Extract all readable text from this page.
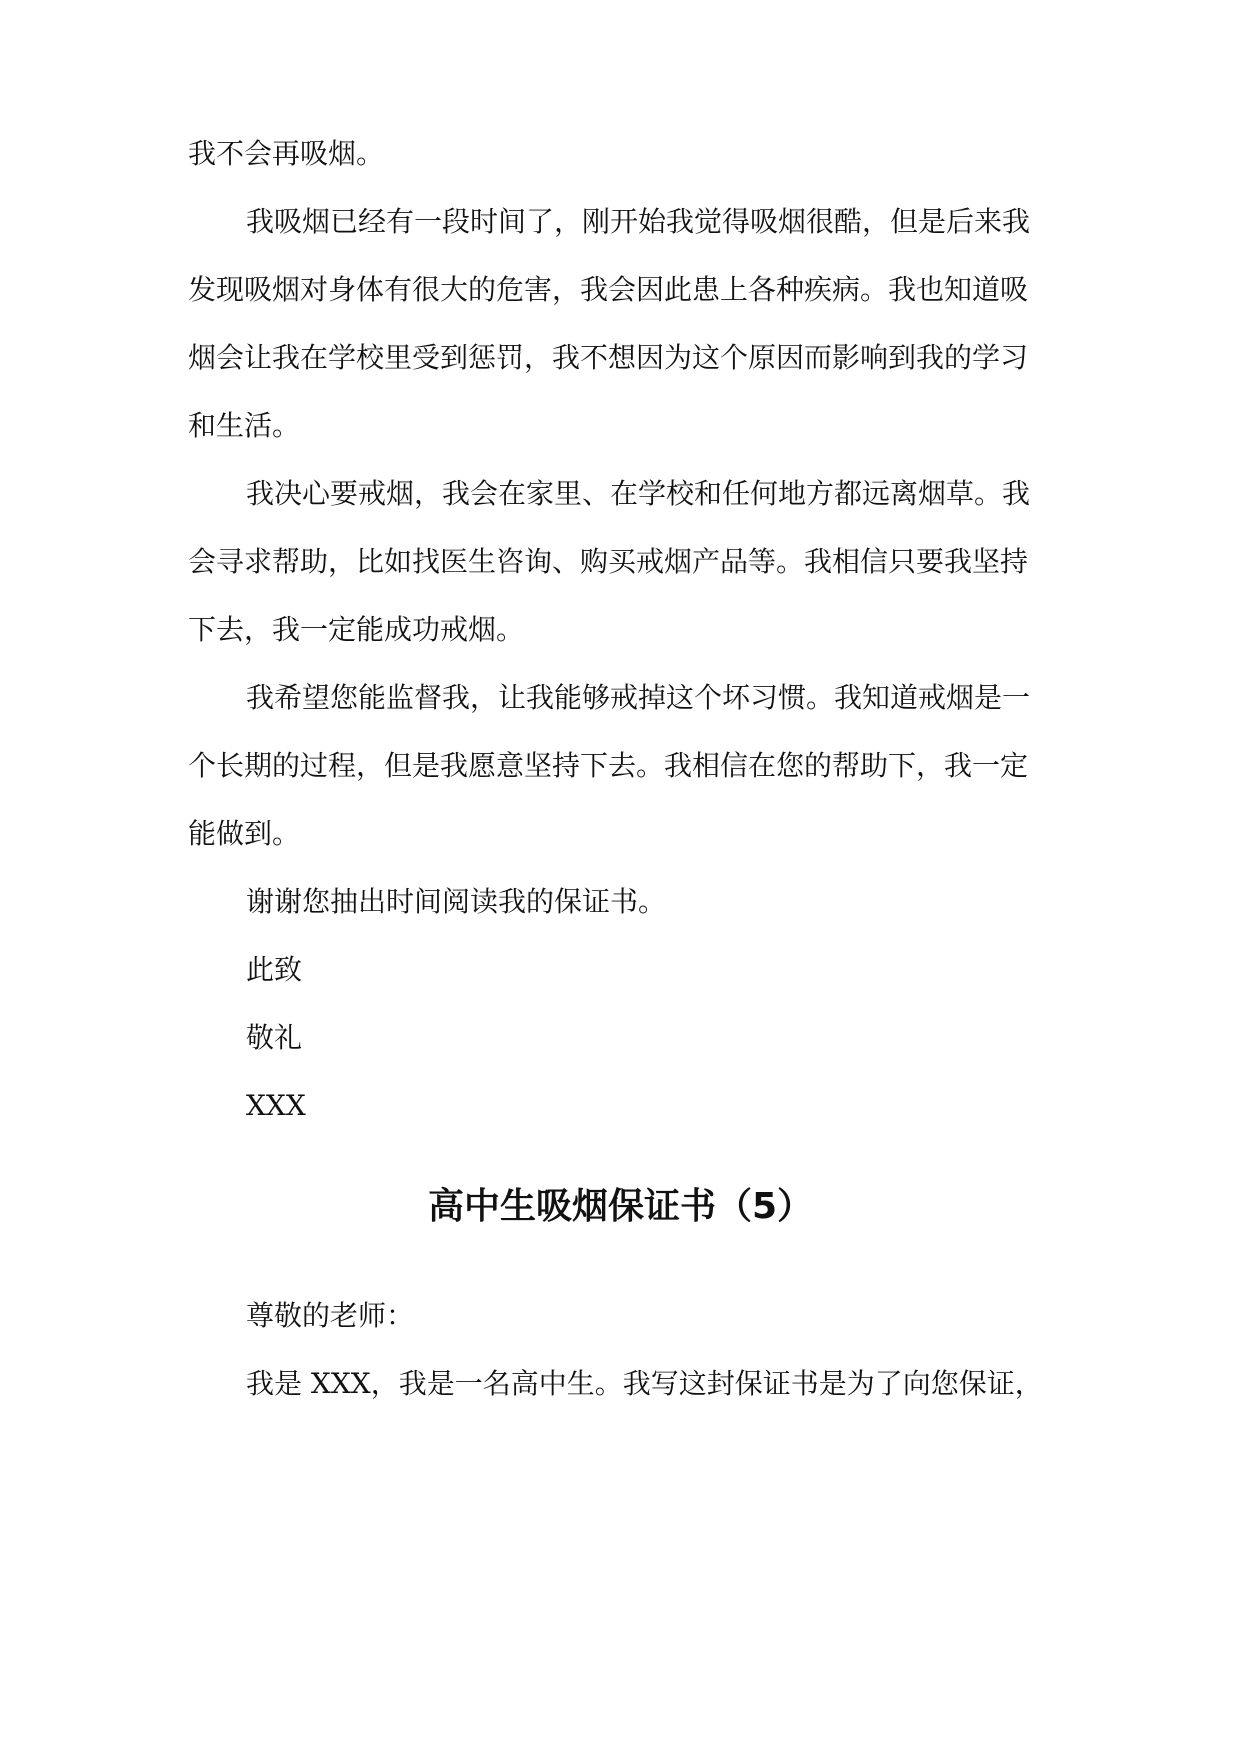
我不会再吸烟。
我吸烟已经有一段时间了，刚开始我觉得吸烟很酷，但是后来我
发现吸烟对身体有很大的危害，我会因此患上各种疾病。我也知道吸
烟会让我在学校里受到惩罚，我不想因为这个原因而影响到我的学习
和生活。
我决心要戒烟，我会在家里、在学校和任何地方都远离烟草。我
会寻求帮助，比如找医生咨询、购买戒烟产品等。我相信只要我坚持
下去，我一定能成功戒烟。
我希望您能监督我，让我能够戒掉这个坏习惯。我知道戒烟是一
个长期的过程，但是我愿意坚持下去。我相信在您的帮助下，我一定
能做到。
谢谢您抽出时间阅读我的保证书。
此致
敬礼
XXX
高中生吸烟保证书（5）
尊敬的老师：
我是 XXX，我是一名高中生。我写这封保证书是为了向您保证，
